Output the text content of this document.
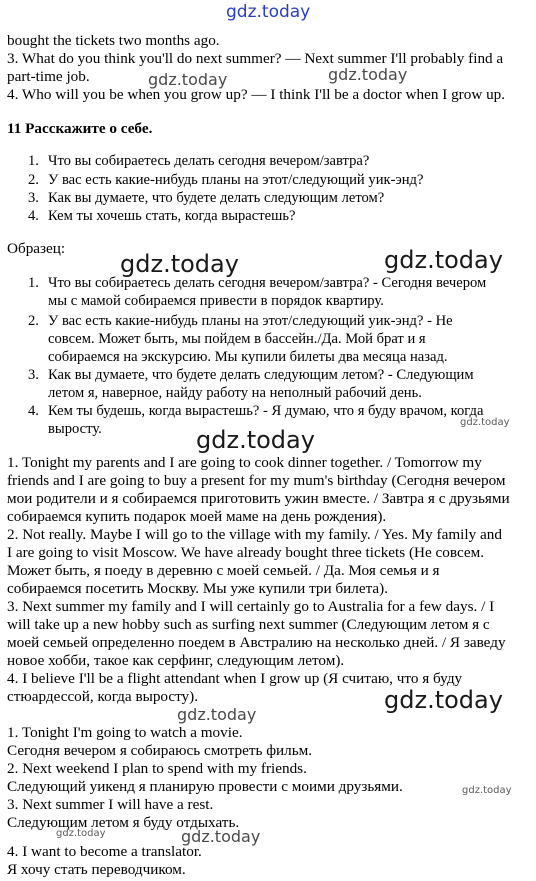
gdz.today
gdz.today	gdz.today
gdz.today	gdz.today
gdz.today
gdz.today
gdz.today
gdz.today
gdz.today
gdz.today	gdz.today
bought the tickets two months ago.
3. What do you think you'll do next summer? — Next summer I'll probably find a
part-time job.
4. Who will you be when you grow up? — I think I'll be a doctor when I grow up.
11 Расскажите о себе.
1. Что вы собираетесь делать сегодня вечером/завтра?
2. У вас есть какие-нибудь планы на этот/следующий уик-энд?
3. Как вы думаете, что будете делать следующим летом?
4. Кем ты хочешь стать, когда вырастешь?
Образец:
1. Что вы собираетесь делать сегодня вечером/завтра? - Сегодня вечером
мы с мамой собираемся привести в порядок квартиру.
2. У вас есть какие-нибудь планы на этот/следующий уик-энд? - Не
совсем. Может быть, мы пойдем в бассейн./Да. Мой брат и я
собираемся на экскурсию. Мы купили билеты два месяца назад.
3. Как вы думаете, что будете делать следующим летом? - Следующим
летом я, наверное, найду работу на неполный рабочий день.
4. Кем ты будешь, когда вырастешь? - Я думаю, что я буду врачом, когда
выросту.
1. Tonight my parents and I are going to cook dinner together. / Tomorrow my
friends and I are going to buy a present for my mum's birthday (Сегодня вечером
мои родители и я собираемся приготовить ужин вместе. / Завтра я с друзьями
собираемся купить подарок моей маме на день рождения).
2. Not really. Maybe I will go to the village with my family. / Yes. My family and
I are going to visit Moscow. We have already bought three tickets (Не совсем.
Может быть, я поеду в деревню с моей семьей. / Да. Моя семья и я
собираемся посетить Москву. Мы уже купили три билета).
3. Next summer my family and I will certainly go to Australia for a few days. / I
will take up a new hobby such as surfing next summer (Следующим летом я с
моей семьей определенно поедем в Австралию на несколько дней. / Я заведу
новое хобби, такое как серфинг, следующим летом).
4. I believe I'll be a flight attendant when I grow up (Я считаю, что я буду
стюардессой, когда выросту).
1. Tonight I'm going to watch a movie.
Сегодня вечером я собираюсь смотреть фильм.
2. Next weekend I plan to spend with my friends.
Следующий уикенд я планирую провести с моими друзьями.
3. Next summer I will have a rest.
Следующим летом я буду отдыхать.
4. I want to become a translator.
Я хочу стать переводчиком.
